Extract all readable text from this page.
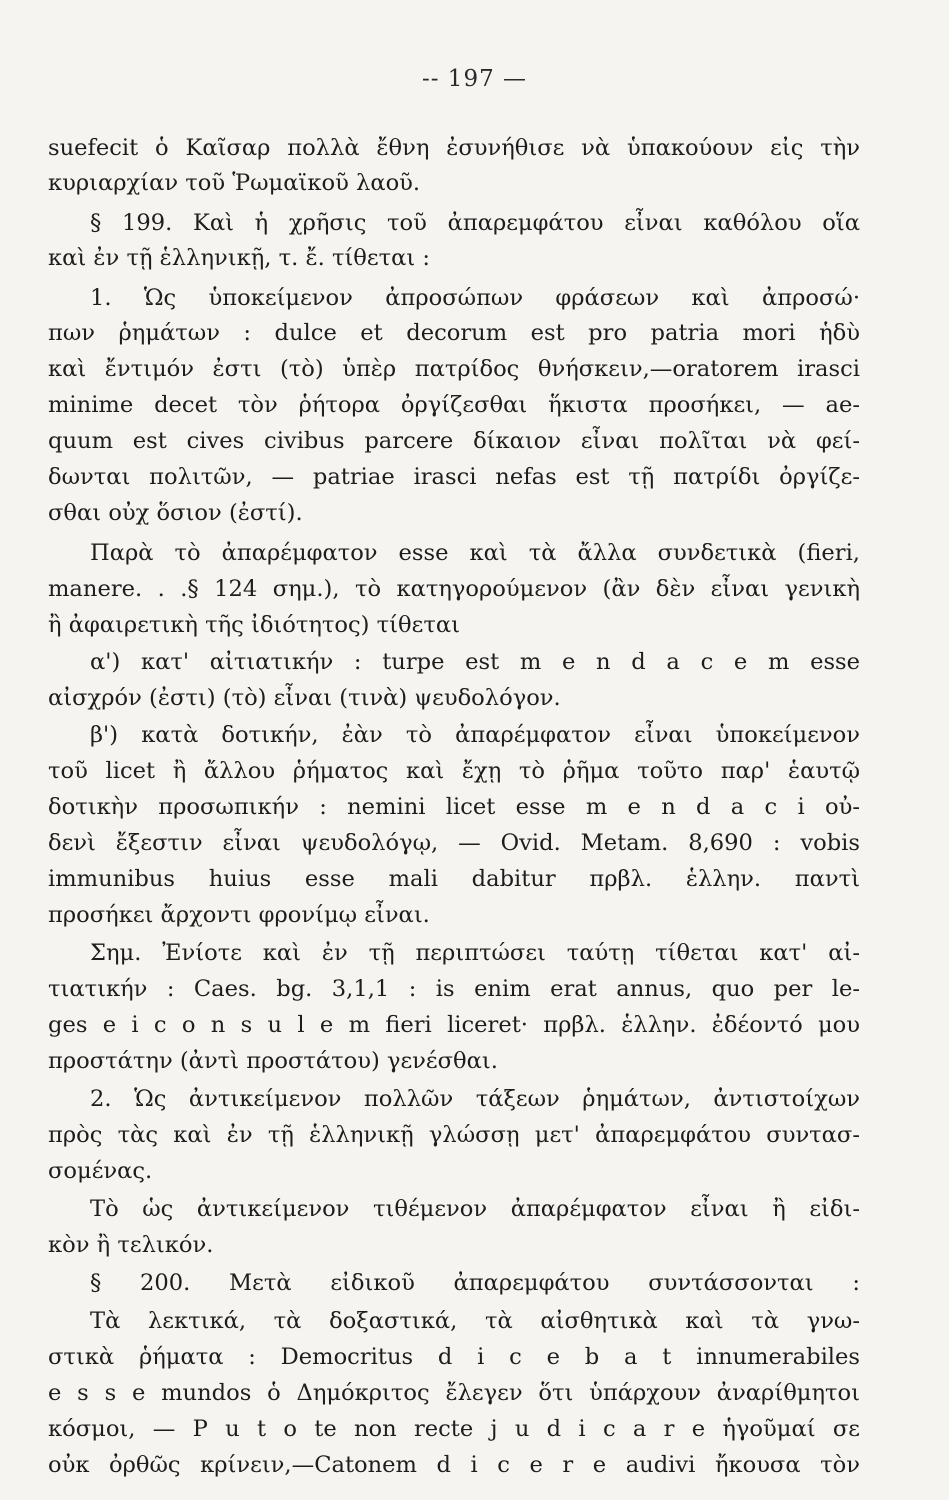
-- 197 —
suefecit ὁ Καῖσαρ πολλὰ ἔθνη ἐσυνήθισε νὰ ὑπακούουν εἰς τὴν
κυριαρχίαν τοῦ Ῥωμαϊκοῦ λαοῦ.
§ 199. Καὶ ἡ χρῆσις τοῦ ἀπαρεμφάτου εἶναι καθόλου οἵα
καὶ ἐν τῇ ἑλληνικῇ, τ. ἔ. τίθεται :
1. Ὡς ὑποκείμενον ἀπροσώπων φράσεων καὶ ἀπροσώ·
πων ῥημάτων : dulce et decorum est pro patria mori ἡδὺ
καὶ ἔντιμόν ἐστι (τὸ) ὑπὲρ πατρίδος θνήσκειν,—oratorem irasci
minime decet τὸν ῥήτορα ὀργίζεσθαι ἥκιστα προσήκει, — ae-
quum est cives civibus parcere δίκαιον εἶναι πολῖται νὰ φεί-
δωνται πολιτῶν, — patriae irasci nefas est τῇ πατρίδι ὀργίζε-
σθαι οὐχ ὅσιον (ἐστί).
Παρὰ τὸ ἀπαρέμφατον esse καὶ τὰ ἄλλα συνδετικὰ (fieri,
manere. . .§ 124 σημ.), τὸ κατηγορούμενον (ἂν δὲν εἶναι γενικὴ
ἢ ἀφαιρετικὴ τῆς ἰδιότητος) τίθεται
α') κατ' αἰτιατικήν : turpe est m e n d a c e m esse
αἰσχρόν (ἐστι) (τὸ) εἶναι (τινὰ) ψευδολόγον.
β') κατὰ δοτικήν, ἐὰν τὸ ἀπαρέμφατον εἶναι ὑποκείμενον
τοῦ licet ἢ ἄλλου ῥήματος καὶ ἔχῃ τὸ ῥῆμα τοῦτο παρ' ἑαυτῷ
δοτικὴν προσωπικήν : nemini licet esse m e n d a c i οὐ-
δενὶ ἔξεστιν εἶναι ψευδολόγῳ, — Ovid. Metam. 8,690 : vobis
immunibus huius esse mali dabitur πρβλ. ἑλλην. παντὶ
προσήκει ἄρχοντι φρονίμῳ εἶναι.
Σημ. Ἐνίοτε καὶ ἐν τῇ περιπτώσει ταύτῃ τίθεται κατ' αἰ-
τιατικήν : Caes. bg. 3,1,1 : is enim erat annus, quo per le-
ges e i c o n s u l e m fieri liceret· πρβλ. ἑλλην. ἐδέοντό μου
προστάτην (ἀντὶ προστάτου) γενέσθαι.
2. Ὡς ἀντικείμενον πολλῶν τάξεων ῥημάτων, ἀντιστοίχων
πρὸς τὰς καὶ ἐν τῇ ἑλληνικῇ γλώσσῃ μετ' ἀπαρεμφάτου συντασ-
σομένας.
Τὸ ὡς ἀντικείμενον τιθέμενον ἀπαρέμφατον εἶναι ἢ εἰδι-
κὸν ἢ τελικόν.
§ 200. Μετὰ εἰδικοῦ ἀπαρεμφάτου συντάσσονται :
Τὰ λεκτικά, τὰ δοξαστικά, τὰ αἰσθητικὰ καὶ τὰ γνω-
στικὰ ῥήματα : Democritus d i c e b a t innumerabiles
e s s e mundos ὁ Δημόκριτος ἔλεγεν ὅτι ὑπάρχουν ἀναρίθμητοι
κόσμοι, — P u t o te non recte j u d i c a r e ἡγοῦμαί σε
οὐκ ὀρθῶς κρίνειν,—Catonem d i c e r e audivi ἤκουσα τὸν
